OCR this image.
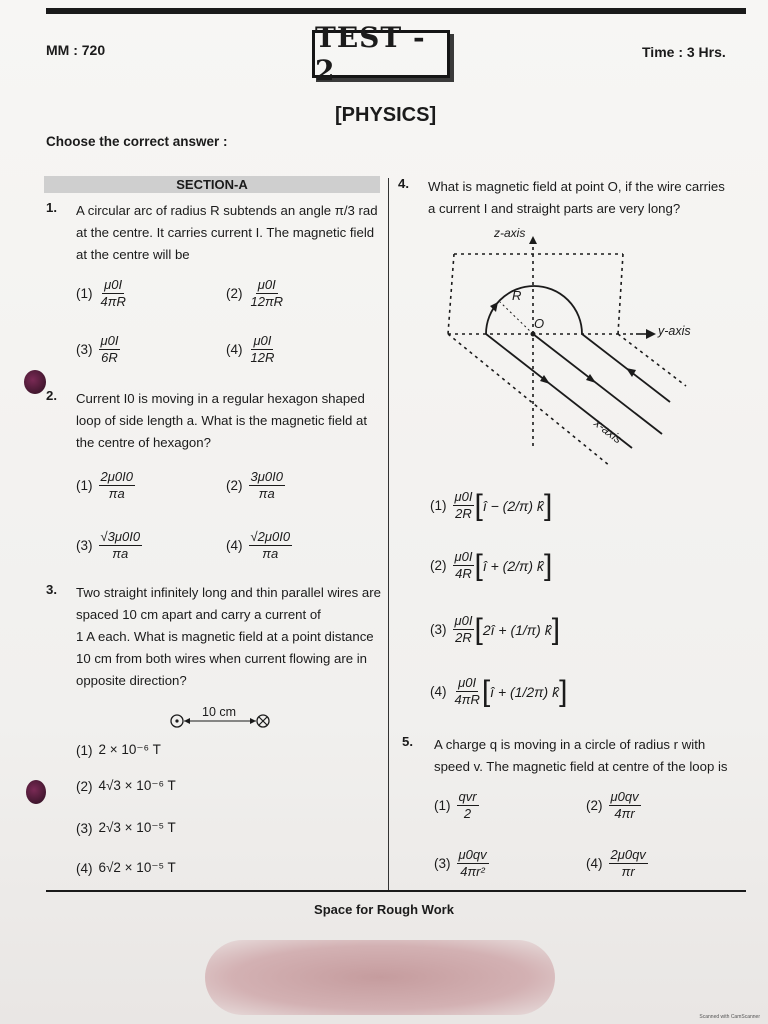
MM : 720	TEST - 2
Time : 3 Hrs.
[PHYSICS]
Choose the correct answer :
SECTION-A
1. A circular arc of radius R subtends an angle π/3 rad
at the centre. It carries current I. The magnetic field
at the centre will be
$(1) \frac{\mu 0I}{4\pi R}$	$(2) \frac{\mu 0I}{12\pi R}$
$(3) \frac{\mu 0I}{6R}$	$(4) \frac{\mu 0I}{12R}$
2. Current I0 is moving in a regular hexagon shaped
loop of side length a. What is the magnetic field at
the centre of hexagon?
$(1) \frac{2\mu 0I0}{\pi a}$	$(2) \frac{3\mu 0I0}{\pi a}$
$(3) \frac{√3\mu 0I0}{\pi a}$	$(4) \frac{√2\mu 0I0}{\pi a}$
3. Two straight infinitely long and thin parallel wires are
spaced 10 cm apart and carry a current of
1 A each. What is magnetic field at a point distance
10 cm from both wires when current flowing are in
opposite direction?
10 cm
(1) 2 × 10⁻⁶ T
(2) 4√3 × 10⁻⁶ T
(3) 2√3 × 10⁻⁵ T
(4) 6√2 × 10⁻⁵ T
4. What is magnetic field at point O, if the wire carries
a current I and straight parts are very long?
z-axis
y-axis
x-axis
R
O
$(1) \frac{\mu 0I}{2R}$ [ î − (2/π) k̂ ]
$(2) \frac{\mu 0I}{4R}$ [ î + (2/π) k̂ ]
$(3) \frac{\mu 0I}{2R}$ [ 2î + (1/π) k̂ ]
$(4) \frac{\mu 0I}{4\pi R}$ [ î + (1/2π) k̂ ]
5. A charge q is moving in a circle of radius r with
speed v. The magnetic field at centre of the loop is
$(1) \frac{\text{qvr}}{2}$	$(2) \frac{\mu 0qv}{4\pi r}$
$(3) \frac{\mu 0qv}{\text{4πr²}}$	$(4) \frac{2\mu 0qv}{\pi r}$
Space for Rough Work
Scanned with CamScanner
